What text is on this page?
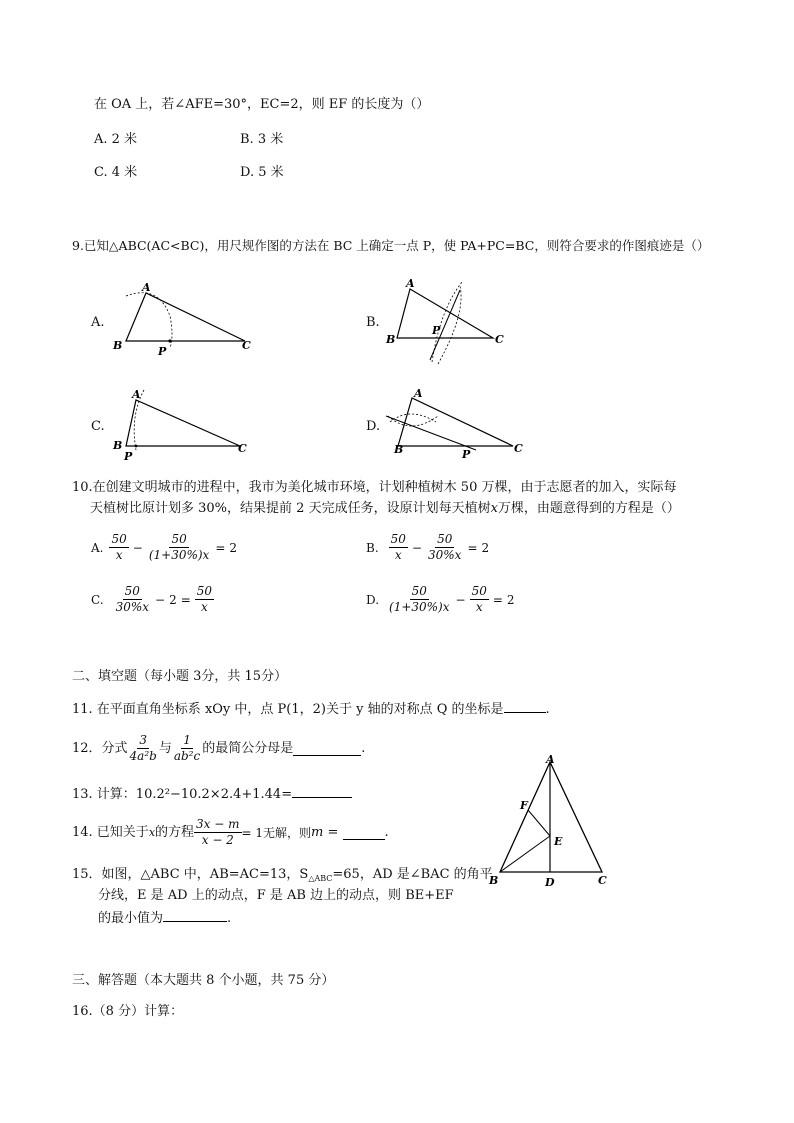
在 OA 上，若∠AFE=30°，EC=2，则 EF 的长度为（）
A. 2 米	B. 3 米
C. 4 米	D. 5 米
9.已知△ABC(AC<BC)，用尺规作图的方法在 BC 上确定一点 P，使 PA+PC=BC，则符合要求的作图痕迹是（）
A.
A
B	P	C
B.
A
B
P
C
C.
A
B
P
C
D.
A
B	P	C
10.在创建文明城市的进程中，我市为美化城市环境，计划种植树木 50 万棵，由于志愿者的加入，实际每
天植树比原计划多 30%，结果提前 2 天完成任务，设原计划每天植树x万棵，由题意得到的方程是（）
A. $\frac{50}{x} - \frac{50}{(1+30\%)x} = 2$	B. $\frac{50}{x} - \frac{50}{30\%x} = 2$
C. $\frac{50}{30\%x} - 2 = \frac{50}{x}$	D. $\frac{50}{(1+30\%)x} - \frac{50}{x} = 2$
二、填空题（每小题 3分，共 15分）
11. 在平面直角坐标系 xOy 中，点 P(1，2)关于 y 轴的对称点 Q 的坐标是	.
12．分式 $\frac{3}{\text{4a²b}}$ 与 $\frac{1}{\text{ab²c}}$ 的最简公分母是	.
13. 计算：10.2²−10.2×2.4+1.44=
14. 已知关于 x 的方程 $\frac{3x - m}{x - 2} = 1$无解，则 m =	.
15．如图，△ABC 中，AB=AC=13，$S_{\triangle ABC}=65$，AD 是∠BAC 的角平
分线，E 是 AD 上的动点，F 是 AB 边上的动点，则 BE+EF
的最小值为	.
A
B	D	C
F
E
三、解答题（本大题共 8 个小题，共 75 分）
16.（8 分）计算：
